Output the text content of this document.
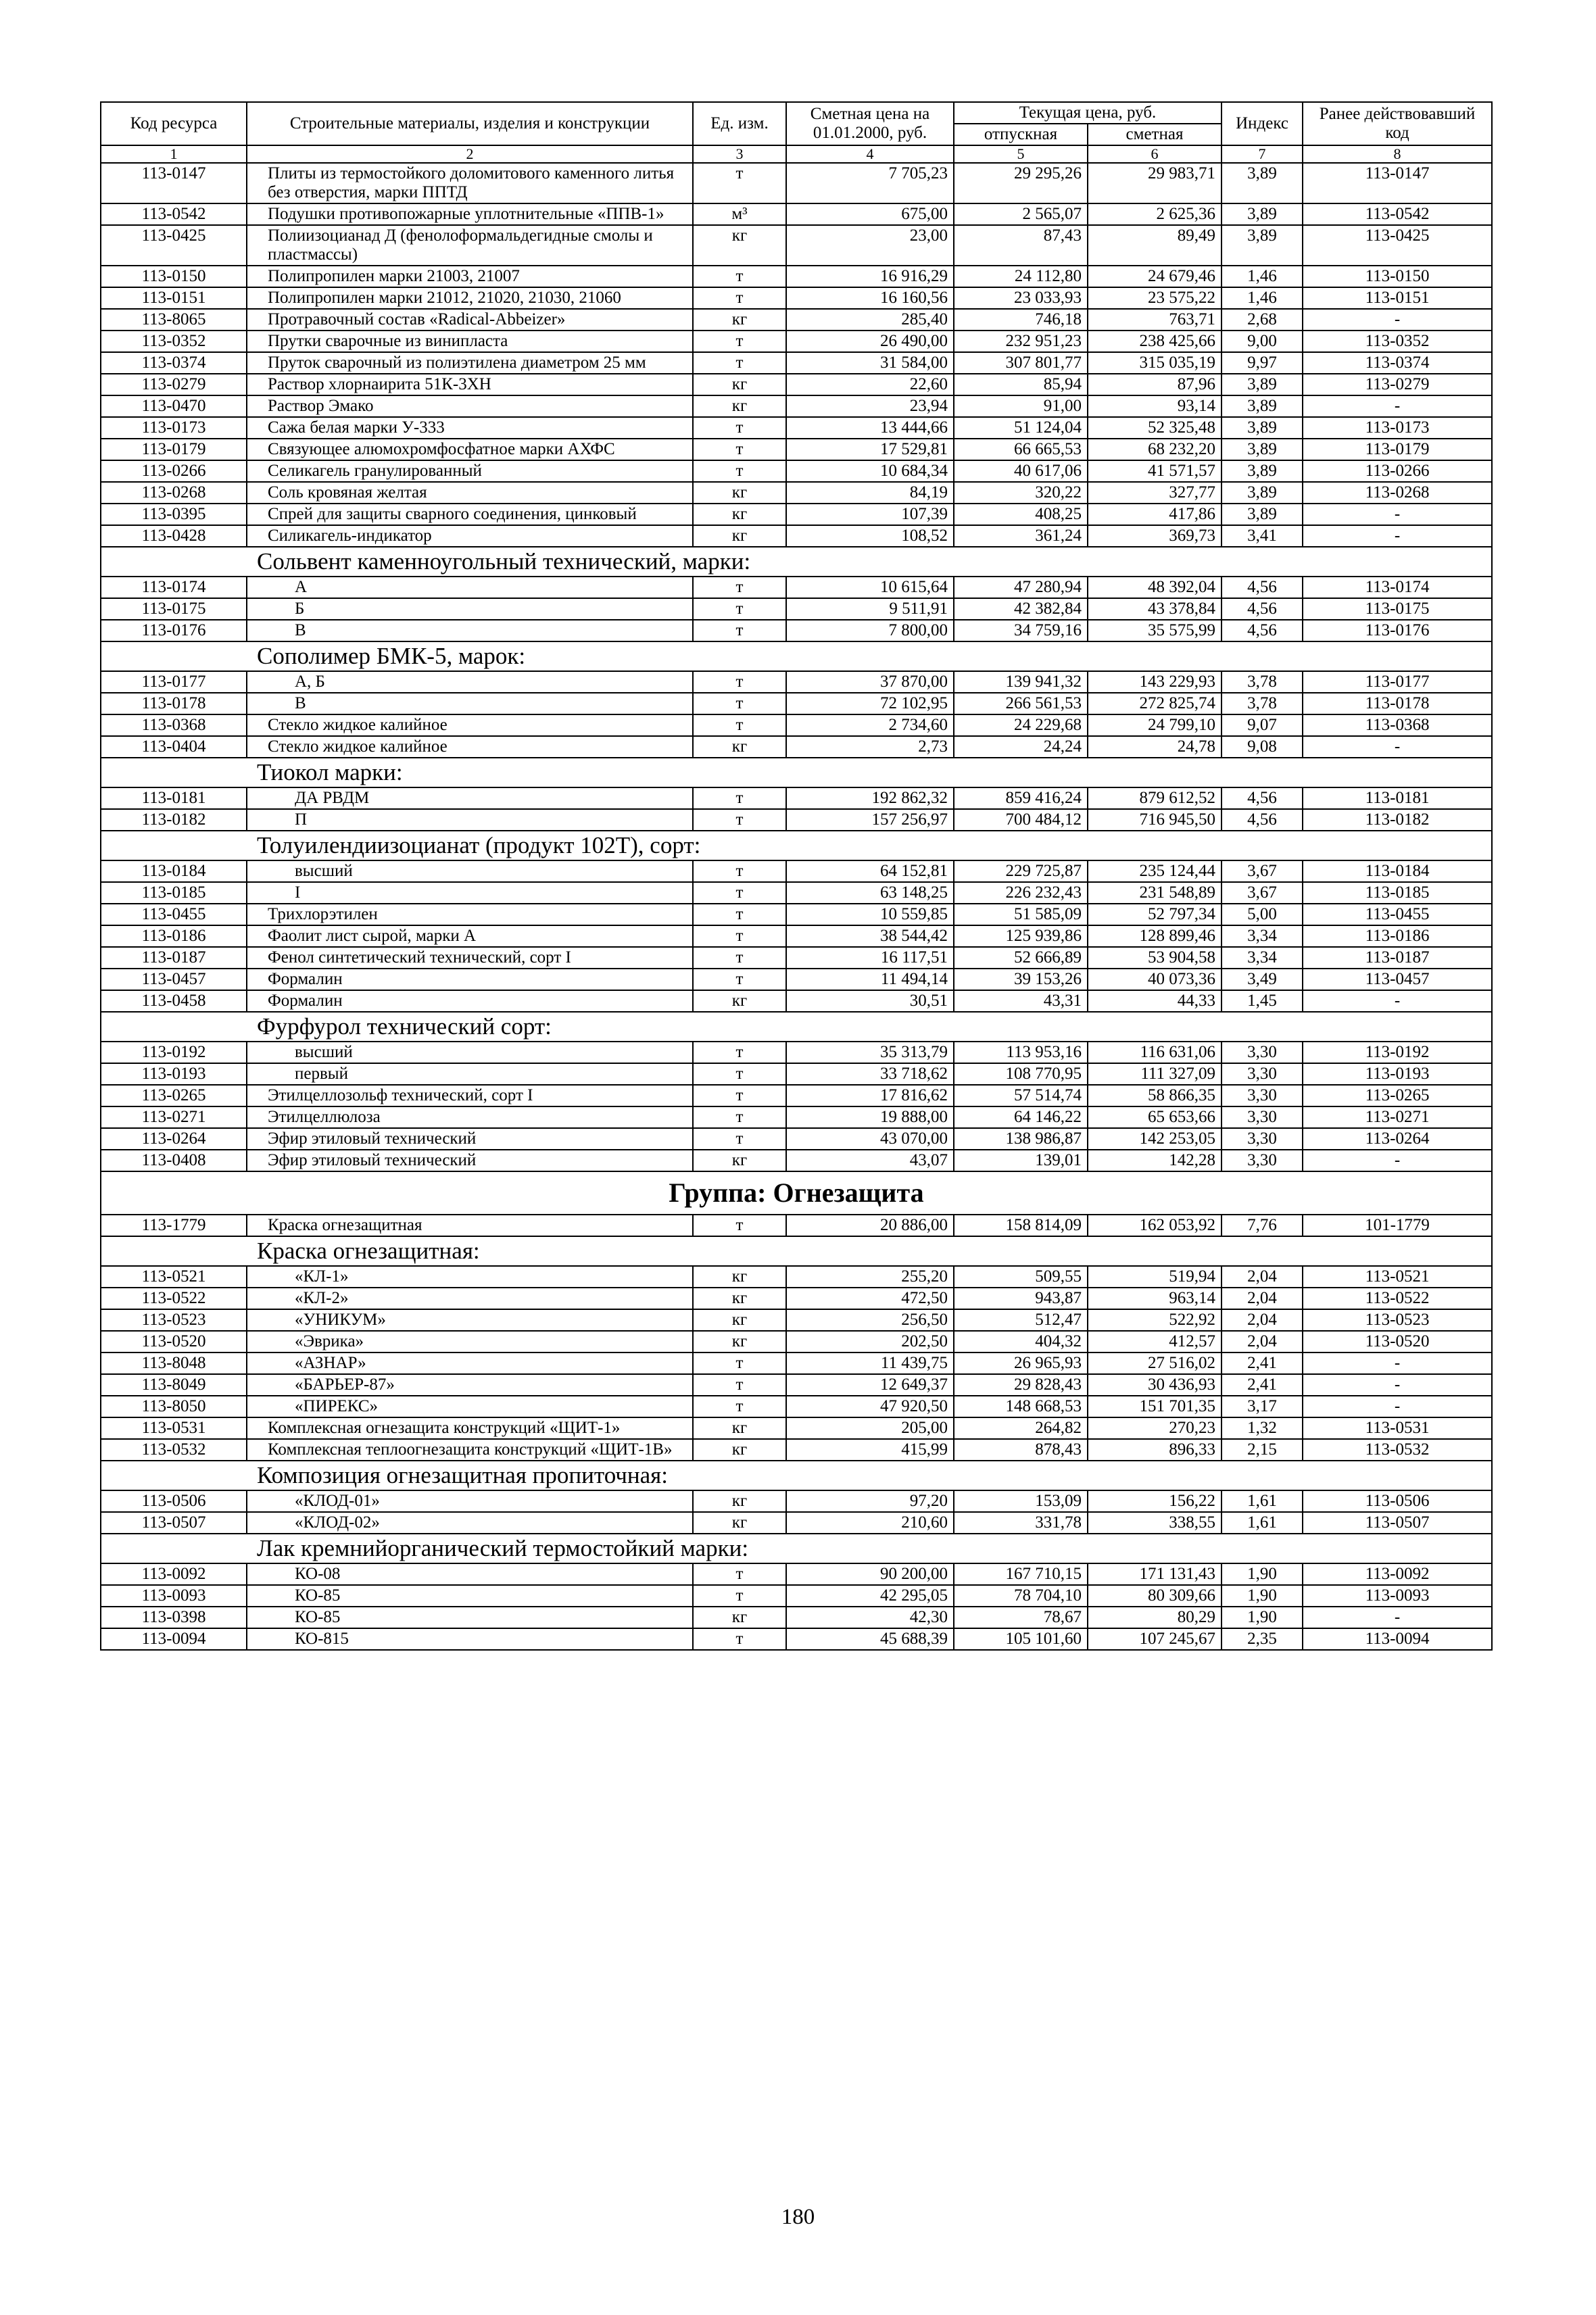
Код ресурса	Строительные материалы, изделия и конструкции	Ед. изм.	Сметная цена на 01.01.2000, руб.	Текущая цена, руб.		Индекс	Ранее действовавший код
				отпускная	сметная		
1	2	3	4	5	6	7	8
113-0147	Плиты из термостойкого доломитового каменного литья без отверстия, марки ППТД	т	7 705,23	29 295,26	29 983,71	3,89	113-0147
113-0542	Подушки противопожарные уплотнительные «ППВ-1»	м³	675,00	2 565,07	2 625,36	3,89	113-0542
113-0425	Полиизоцианад Д (фенолоформальдегидные смолы и пластмассы)	кг	23,00	87,43	89,49	3,89	113-0425
113-0150	Полипропилен марки 21003, 21007	т	16 916,29	24 112,80	24 679,46	1,46	113-0150
113-0151	Полипропилен марки 21012, 21020, 21030, 21060	т	16 160,56	23 033,93	23 575,22	1,46	113-0151
113-8065	Протравочный состав «Radical-Abbeizer»	кг	285,40	746,18	763,71	2,68	-
113-0352	Прутки сварочные из винипласта	т	26 490,00	232 951,23	238 425,66	9,00	113-0352
113-0374	Пруток сварочный из полиэтилена диаметром 25 мм	т	31 584,00	307 801,77	315 035,19	9,97	113-0374
113-0279	Раствор хлорнаирита 51К-3ХН	кг	22,60	85,94	87,96	3,89	113-0279
113-0470	Раствор Эмако	кг	23,94	91,00	93,14	3,89	-
113-0173	Сажа белая марки У-333	т	13 444,66	51 124,04	52 325,48	3,89	113-0173
113-0179	Связующее алюмохромфосфатное марки АХФС	т	17 529,81	66 665,53	68 232,20	3,89	113-0179
113-0266	Селикагель гранулированный	т	10 684,34	40 617,06	41 571,57	3,89	113-0266
113-0268	Соль кровяная желтая	кг	84,19	320,22	327,77	3,89	113-0268
113-0395	Спрей для защиты сварного соединения, цинковый	кг	107,39	408,25	417,86	3,89	-
113-0428	Силикагель-индикатор	кг	108,52	361,24	369,73	3,41	-
Сольвент каменноугольный технический, марки:							
113-0174	А	т	10 615,64	47 280,94	48 392,04	4,56	113-0174
113-0175	Б	т	9 511,91	42 382,84	43 378,84	4,56	113-0175
113-0176	В	т	7 800,00	34 759,16	35 575,99	4,56	113-0176
Сополимер БМК-5, марок:							
113-0177	А, Б	т	37 870,00	139 941,32	143 229,93	3,78	113-0177
113-0178	В	т	72 102,95	266 561,53	272 825,74	3,78	113-0178
113-0368	Стекло жидкое калийное	т	2 734,60	24 229,68	24 799,10	9,07	113-0368
113-0404	Стекло жидкое калийное	кг	2,73	24,24	24,78	9,08	-
Тиокол марки:							
113-0181	ДА РВДМ	т	192 862,32	859 416,24	879 612,52	4,56	113-0181
113-0182	П	т	157 256,97	700 484,12	716 945,50	4,56	113-0182
Толуилендиизоцианат (продукт 102Т), сорт:							
113-0184	высший	т	64 152,81	229 725,87	235 124,44	3,67	113-0184
113-0185	I	т	63 148,25	226 232,43	231 548,89	3,67	113-0185
113-0455	Трихлорэтилен	т	10 559,85	51 585,09	52 797,34	5,00	113-0455
113-0186	Фаолит лист сырой, марки А	т	38 544,42	125 939,86	128 899,46	3,34	113-0186
113-0187	Фенол синтетический технический, сорт I	т	16 117,51	52 666,89	53 904,58	3,34	113-0187
113-0457	Формалин	т	11 494,14	39 153,26	40 073,36	3,49	113-0457
113-0458	Формалин	кг	30,51	43,31	44,33	1,45	-
Фурфурол технический сорт:							
113-0192	высший	т	35 313,79	113 953,16	116 631,06	3,30	113-0192
113-0193	первый	т	33 718,62	108 770,95	111 327,09	3,30	113-0193
113-0265	Этилцеллозольф технический, сорт I	т	17 816,62	57 514,74	58 866,35	3,30	113-0265
113-0271	Этилцеллюлоза	т	19 888,00	64 146,22	65 653,66	3,30	113-0271
113-0264	Эфир этиловый технический	т	43 070,00	138 986,87	142 253,05	3,30	113-0264
113-0408	Эфир этиловый технический	кг	43,07	139,01	142,28	3,30	-
Группа: Огнезащита							
113-1779	Краска огнезащитная	т	20 886,00	158 814,09	162 053,92	7,76	101-1779
Краска огнезащитная:							
113-0521	«КЛ-1»	кг	255,20	509,55	519,94	2,04	113-0521
113-0522	«КЛ-2»	кг	472,50	943,87	963,14	2,04	113-0522
113-0523	«УНИКУМ»	кг	256,50	512,47	522,92	2,04	113-0523
113-0520	«Эврика»	кг	202,50	404,32	412,57	2,04	113-0520
113-8048	«АЗНАР»	т	11 439,75	26 965,93	27 516,02	2,41	-
113-8049	«БАРЬЕР-87»	т	12 649,37	29 828,43	30 436,93	2,41	-
113-8050	«ПИРЕКС»	т	47 920,50	148 668,53	151 701,35	3,17	-
113-0531	Комплексная огнезащита конструкций «ЩИТ-1»	кг	205,00	264,82	270,23	1,32	113-0531
113-0532	Комплексная теплоогнезащита конструкций «ЩИТ-1В»	кг	415,99	878,43	896,33	2,15	113-0532
Композиция огнезащитная пропиточная:							
113-0506	«КЛОД-01»	кг	97,20	153,09	156,22	1,61	113-0506
113-0507	«КЛОД-02»	кг	210,60	331,78	338,55	1,61	113-0507
Лак кремнийорганический термостойкий марки:							
113-0092	КО-08	т	90 200,00	167 710,15	171 131,43	1,90	113-0092
113-0093	КО-85	т	42 295,05	78 704,10	80 309,66	1,90	113-0093
113-0398	КО-85	кг	42,30	78,67	80,29	1,90	-
113-0094	КО-815	т	45 688,39	105 101,60	107 245,67	2,35	113-0094
180
